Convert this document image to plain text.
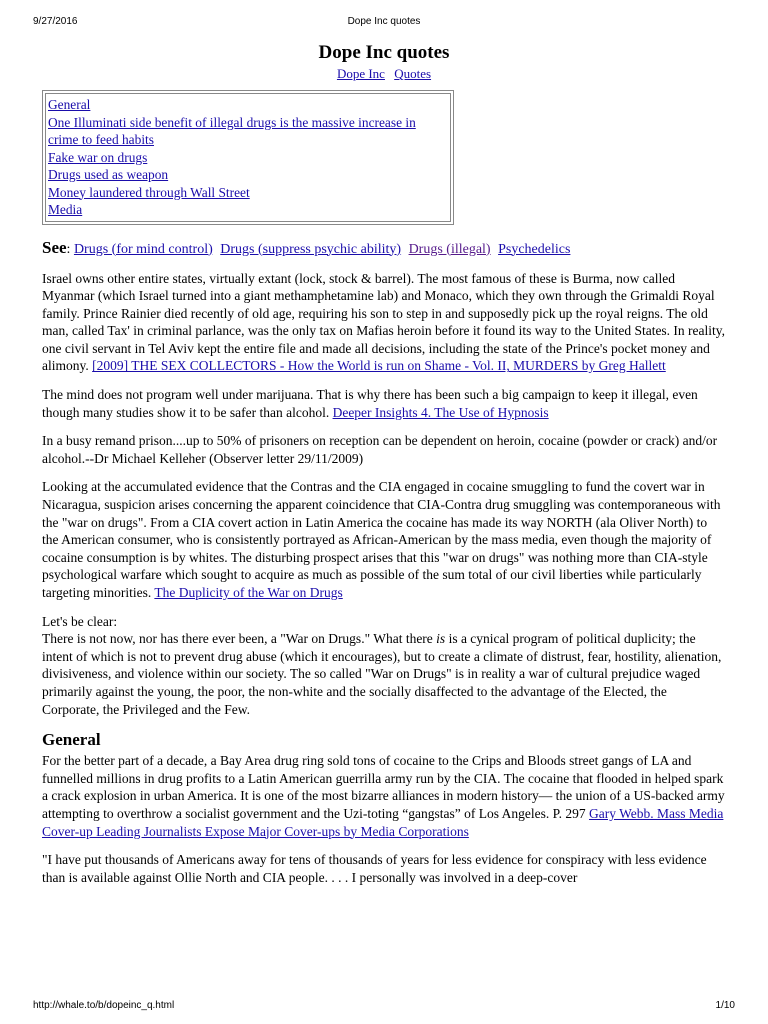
9/27/2016	Dope Inc quotes
Dope Inc quotes
Dope Inc Quotes
General
One Illuminati side benefit of illegal drugs is the massive increase in crime to feed habits
Fake war on drugs
Drugs used as weapon
Money laundered through Wall Street
Media
See: Drugs (for mind control) Drugs (suppress psychic ability) Drugs (illegal) Psychedelics

Israel owns other entire states, virtually extant (lock, stock & barrel). The most famous of these is Burma, now called Myanmar (which Israel turned into a giant methamphetamine lab) and Monaco, which they own through the Grimaldi Royal family. Prince Rainier died recently of old age, requiring his son to step in and supposedly pick up the royal reigns. The old man, called Tax' in criminal parlance, was the only tax on Mafias heroin before it found its way to the United States. In reality, one civil servant in Tel Aviv kept the entire file and made all decisions, including the state of the Prince's pocket money and alimony. [2009] THE SEX COLLECTORS - How the World is run on Shame - Vol. II, MURDERS by Greg Hallett

The mind does not program well under marijuana. That is why there has been such a big campaign to keep it illegal, even though many studies show it to be safer than alcohol. Deeper Insights 4. The Use of Hypnosis

In a busy remand prison....up to 50% of prisoners on reception can be dependent on heroin, cocaine (powder or crack) and/or alcohol.--Dr Michael Kelleher (Observer letter 29/11/2009)

Looking at the accumulated evidence that the Contras and the CIA engaged in cocaine smuggling to fund the covert war in Nicaragua, suspicion arises concerning the apparent coincidence that CIA-Contra drug smuggling was contemporaneous with the "war on drugs". From a CIA covert action in Latin America the cocaine has made its way NORTH (ala Oliver North) to the American consumer, who is consistently portrayed as African-American by the mass media, even though the majority of cocaine consumption is by whites. The disturbing prospect arises that this "war on drugs" was nothing more than CIA-style psychological warfare which sought to acquire as much as possible of the sum total of our civil liberties while particularly targeting minorities. The Duplicity of the War on Drugs

Let's be clear:
There is not now, nor has there ever been, a "War on Drugs." What there is is a cynical program of political duplicity; the intent of which is not to prevent drug abuse (which it encourages), but to create a climate of distrust, fear, hostility, alienation, divisiveness, and violence within our society. The so called "War on Drugs" is in reality a war of cultural prejudice waged primarily against the young, the poor, the non-white and the socially disaffected to the advantage of the Elected, the Corporate, the Privileged and the Few.

General

For the better part of a decade, a Bay Area drug ring sold tons of cocaine to the Crips and Bloods street gangs of LA and funnelled millions in drug profits to a Latin American guerrilla army run by the CIA. The cocaine that flooded in helped spark a crack explosion in urban America. It is one of the most bizarre alliances in modern history— the union of a US-backed army attempting to overthrow a socialist government and the Uzi-toting “gangstas” of Los Angeles. P. 297 Gary Webb. Mass Media Cover-up Leading Journalists Expose Major Cover-ups by Media Corporations

"I have put thousands of Americans away for tens of thousands of years for less evidence for conspiracy with less evidence than is available against Ollie North and CIA people. . . . I personally was involved in a deep-cover

http://whale.to/b/dopeinc_q.html	1/10
